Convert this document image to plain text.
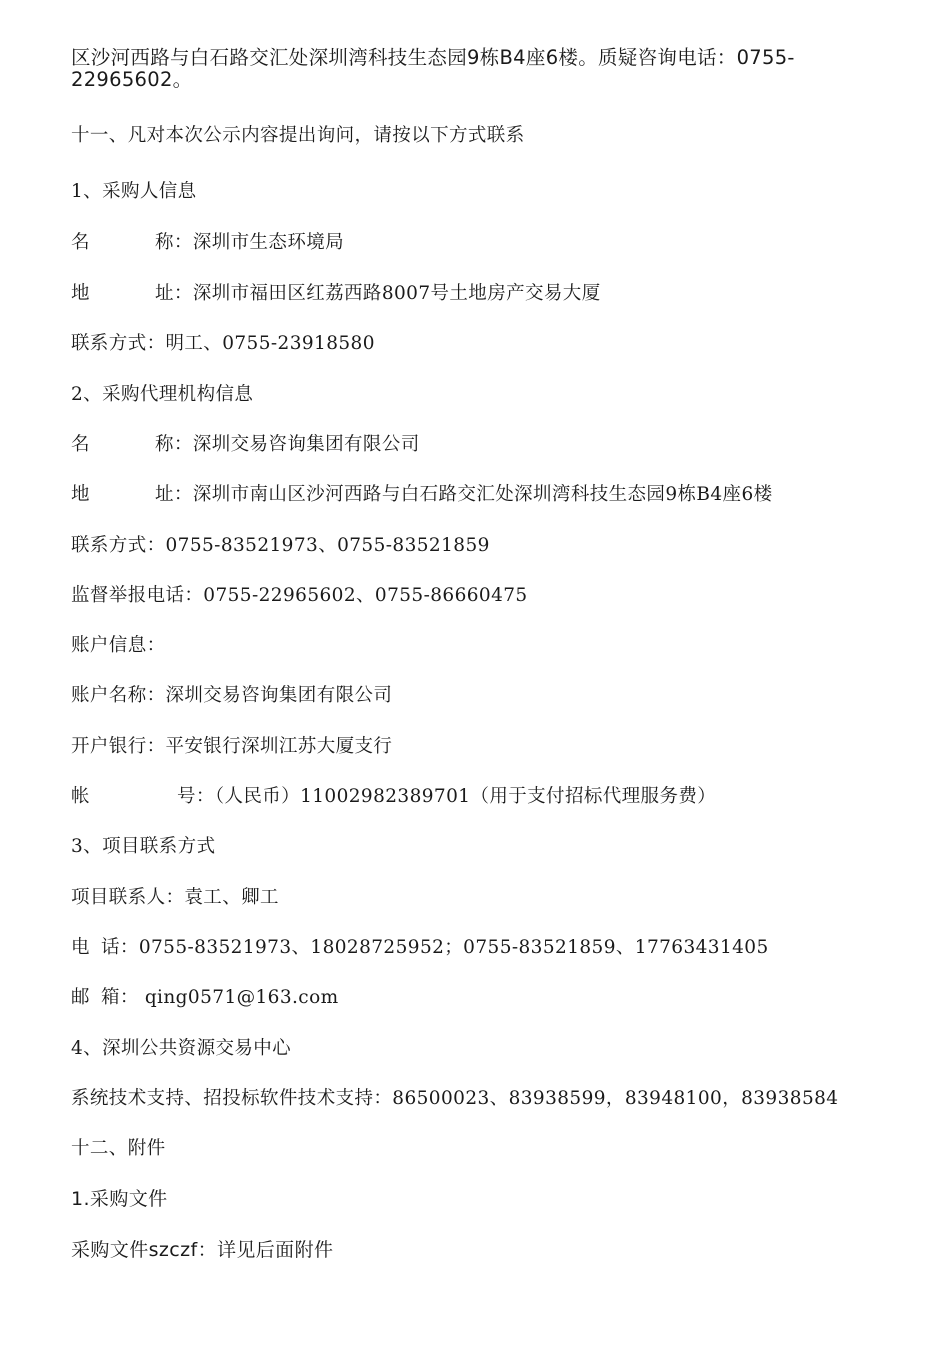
区沙河西路与白石路交汇处深圳湾科技生态园9栋B4座6楼。质疑咨询电话：0755-
22965602。
十一、凡对本次公示内容提出询问，请按以下方式联系
1、采购人信息
名	称：深圳市生态环境局
地	址：深圳市福田区红荔西路8007号土地房产交易大厦
联系方式：明工、0755-23918580
2、采购代理机构信息
名	称：深圳交易咨询集团有限公司
地	址：深圳市南山区沙河西路与白石路交汇处深圳湾科技生态园9栋B4座6楼
联系方式：0755-83521973、0755-83521859
监督举报电话：0755-22965602、0755-86660475
账户信息：
账户名称：深圳交易咨询集团有限公司
开户银行：平安银行深圳江苏大厦支行
帐	号：（人民币）11002982389701（用于支付招标代理服务费）
3、项目联系方式
项目联系人：袁工、卿工
电 话：0755-83521973、18028725952；0755-83521859、17763431405
邮 箱： qing0571@163.com
4、深圳公共资源交易中心
系统技术支持、招投标软件技术支持：86500023、83938599，83948100，83938584
十二、附件
1.采购文件
采购文件szczf：详见后面附件
